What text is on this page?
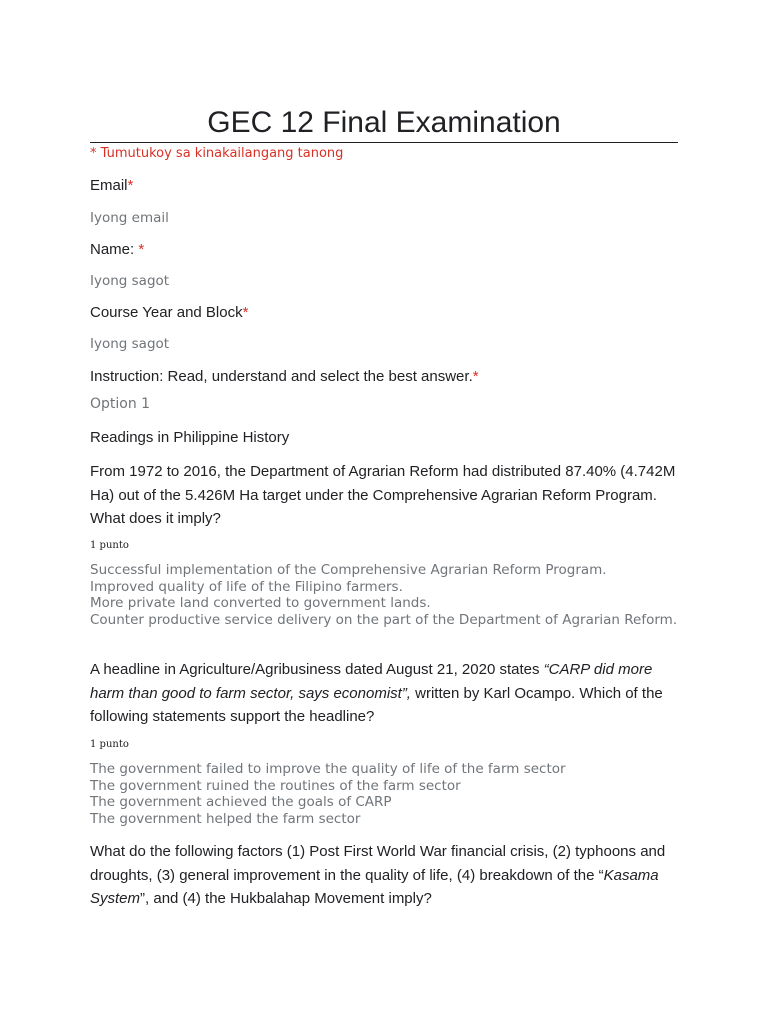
GEC 12 Final Examination
* Tumutukoy sa kinakailangang tanong
Email*
Iyong email
Name: *
Iyong sagot
Course Year and Block*
Iyong sagot
Instruction: Read, understand and select the best answer.*
Option 1
Readings in Philippine History
From 1972 to 2016, the Department of Agrarian Reform had distributed 87.40% (4.742M Ha) out of the 5.426M Ha target under the Comprehensive Agrarian Reform Program. What does it imply?
1 punto
Successful implementation of the Comprehensive Agrarian Reform Program.
Improved quality of life of the Filipino farmers.
More private land converted to government lands.
Counter productive service delivery on the part of the Department of Agrarian Reform.
A headline in Agriculture/Agribusiness dated August 21, 2020 states “CARP did more harm than good to farm sector, says economist”, written by Karl Ocampo. Which of the following statements support the headline?
1 punto
The government failed to improve the quality of life of the farm sector
The government ruined the routines of the farm sector
The government achieved the goals of CARP
The government helped the farm sector
What do the following factors (1) Post First World War financial crisis, (2) typhoons and droughts, (3) general improvement in the quality of life, (4) breakdown of the “Kasama System”, and (4) the Hukbalahap Movement imply?
